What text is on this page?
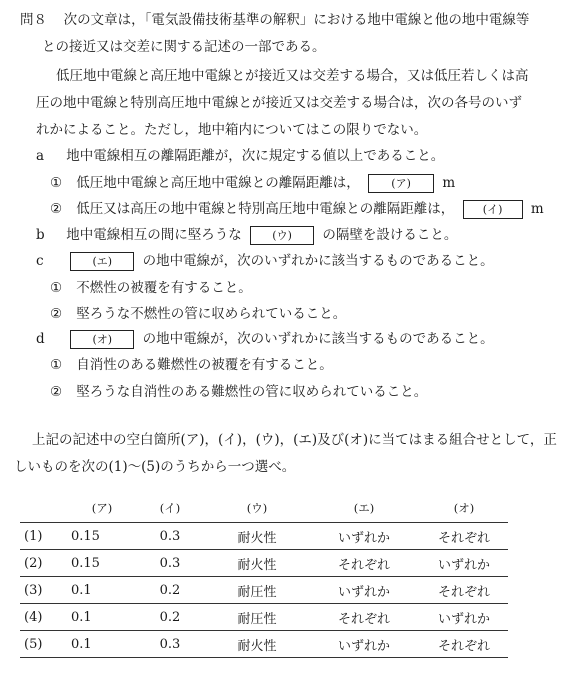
問８ 次の文章は，「電気設備技術基準の解釈」における地中電線と他の地中電線等
との接近又は交差に関する記述の一部である。
低圧地中電線と高圧地中電線とが接近又は交差する場合，又は低圧若しくは高
圧の地中電線と特別高圧地中電線とが接近又は交差する場合は，次の各号のいず
れかによること。ただし，地中箱内についてはこの限りでない。
a 地中電線相互の離隔距離が，次に規定する値以上であること。
① 低圧地中電線と高圧地中電線との離隔距離は，	(ア) m
② 低圧又は高圧の地中電線と特別高圧地中電線との離隔距離は，	(イ) m
b 地中電線相互の間に堅ろうな	(ウ) の隔壁を設けること。
c	(エ) の地中電線が，次のいずれかに該当するものであること。
① 不燃性の被覆を有すること。
② 堅ろうな不燃性の管に収められていること。
d	(オ) の地中電線が，次のいずれかに該当するものであること。
① 自消性のある難燃性の被覆を有すること。
② 堅ろうな自消性のある難燃性の管に収められていること。
上記の記述中の空白箇所(ア)，(イ)，(ウ)，(エ)及び(オ)に当てはまる組合せとして，正
しいものを次の(1)～(5)のうちから一つ選べ。
	(ア)	(イ)	(ウ)	(エ)	(オ)
(1)	0.15	0.3	耐火性	いずれか	それぞれ
(2)	0.15	0.3	耐火性	それぞれ	いずれか
(3)	0.1	0.2	耐圧性	いずれか	それぞれ
(4)	0.1	0.2	耐圧性	それぞれ	いずれか
(5)	0.1	0.3	耐火性	いずれか	それぞれ
